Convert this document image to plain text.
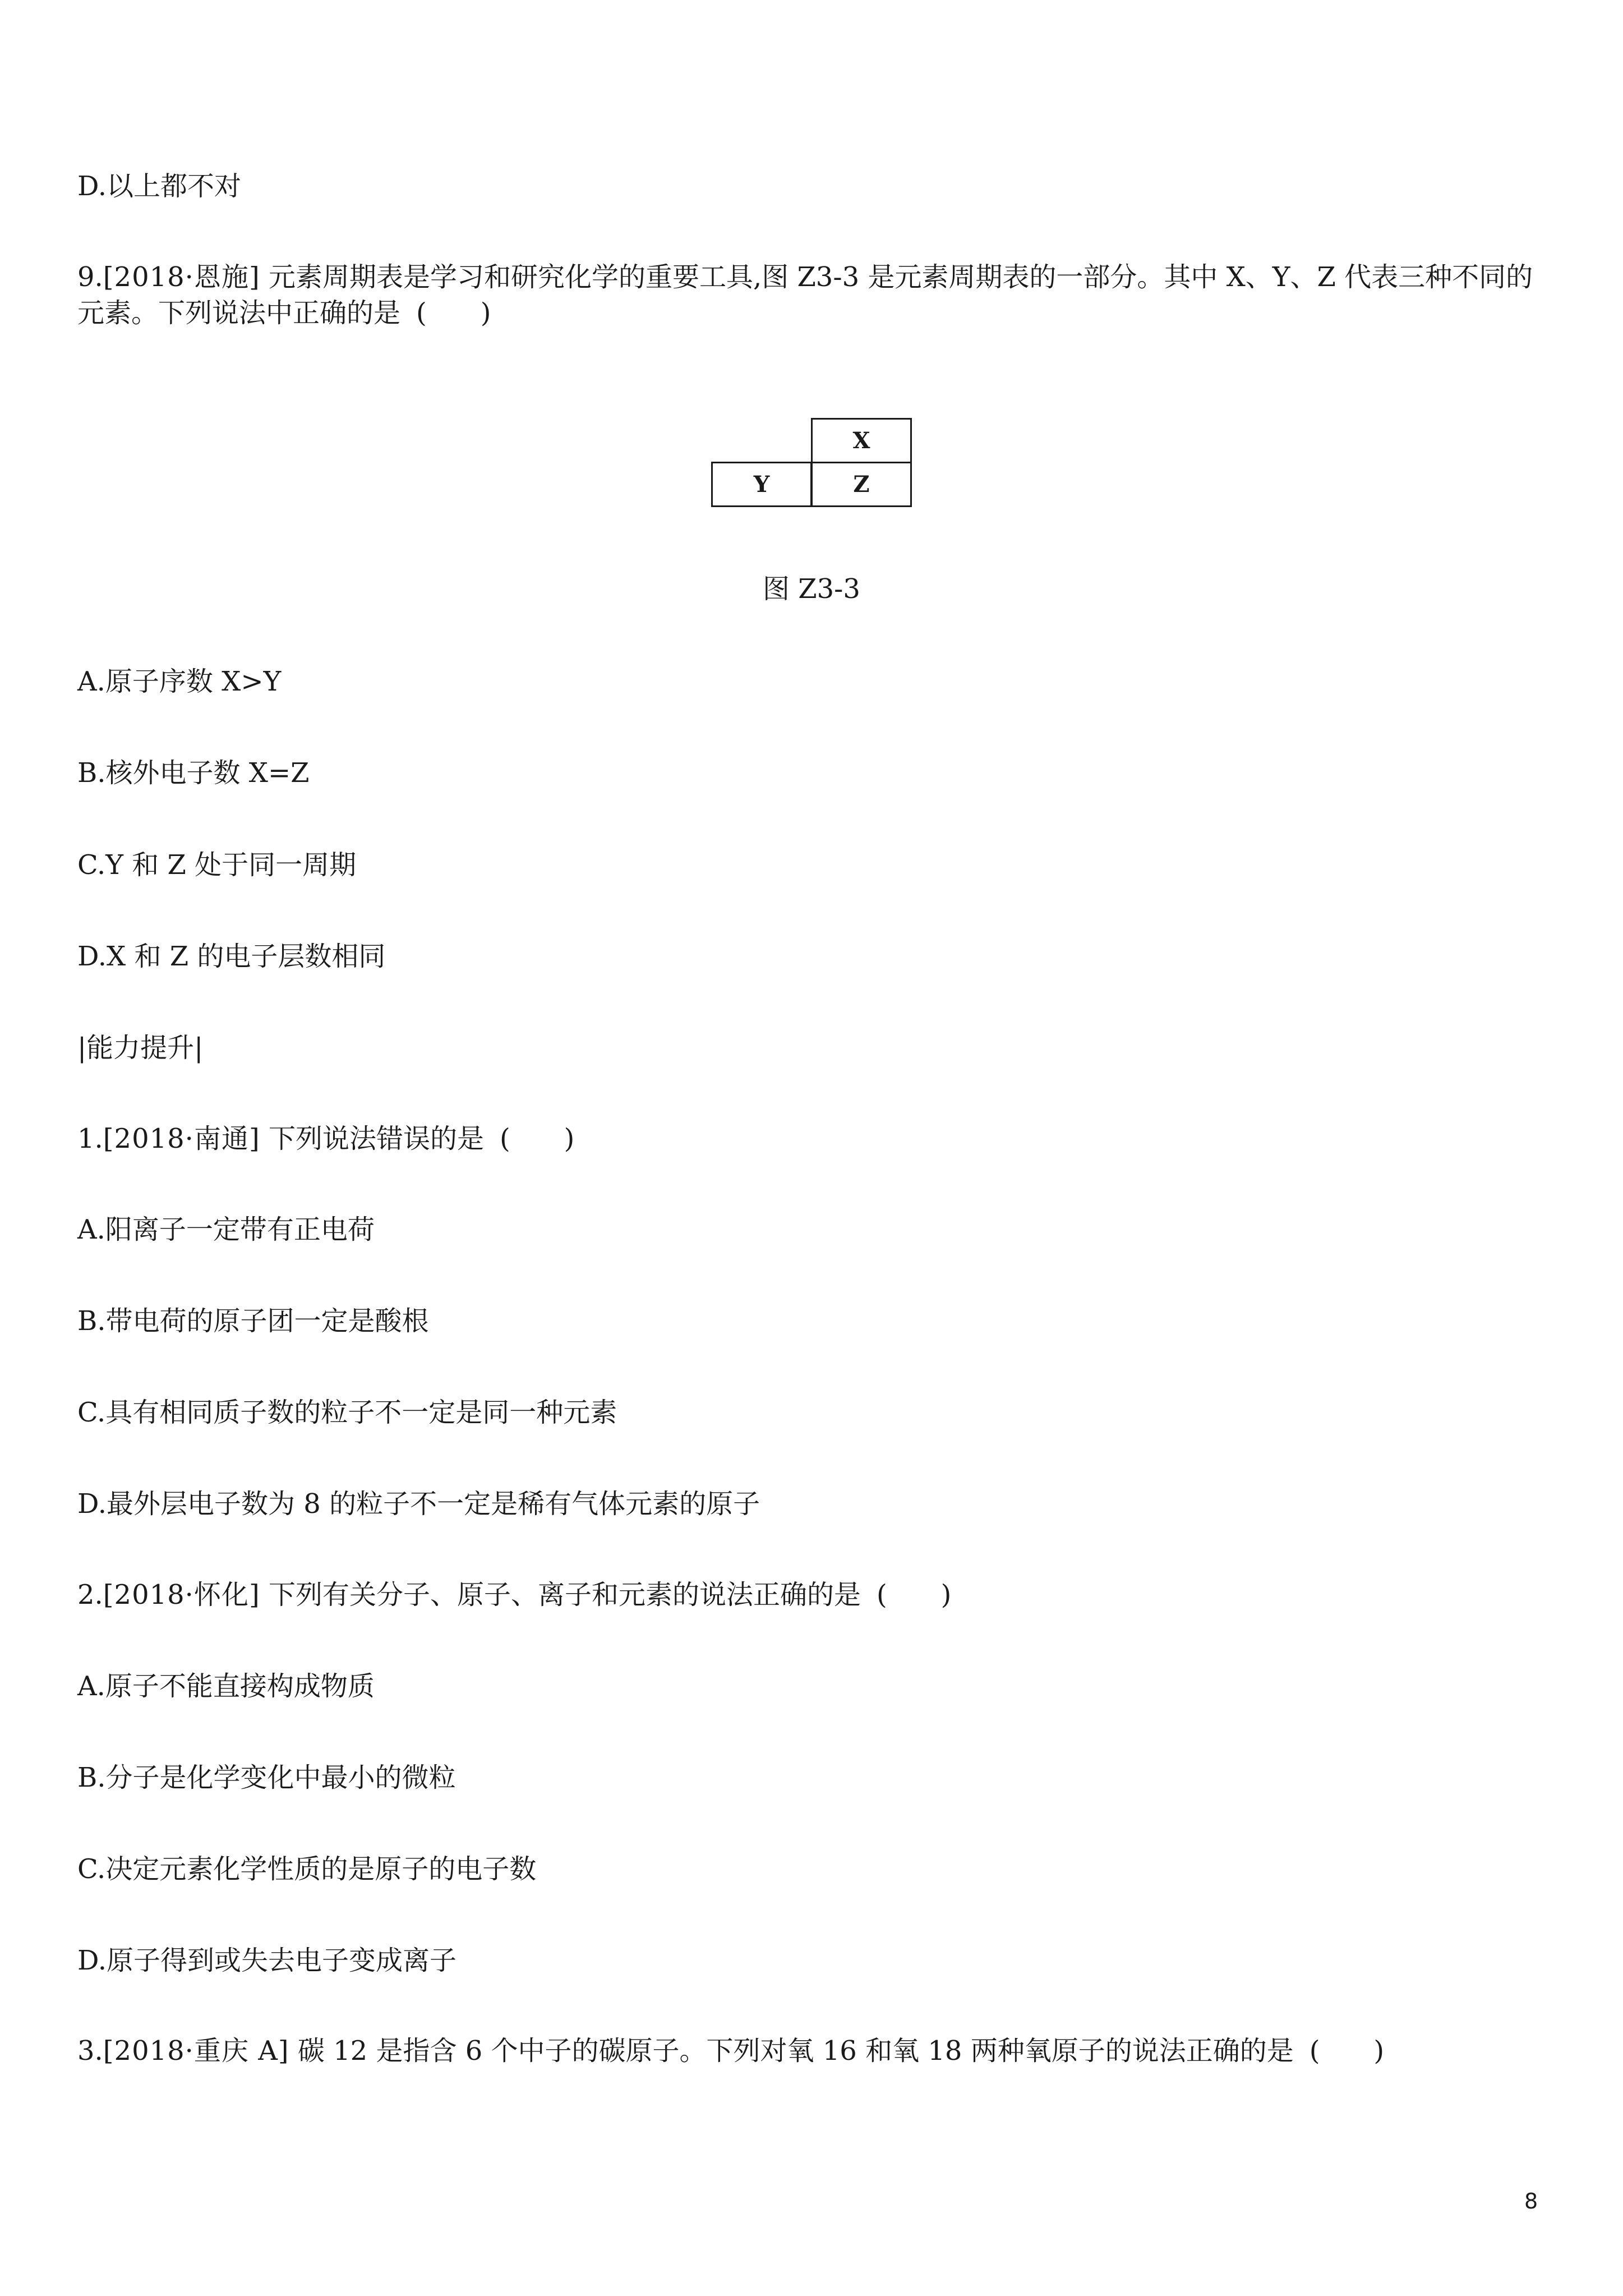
D.以上都不对
9.[2018·恩施] 元素周期表是学习和研究化学的重要工具,图 Z3-3 是元素周期表的一部分。其中 X、Y、Z 代表三种不同的元素。下列说法中正确的是 (　　)
X
Y	Z
图 Z3-3
A.原子序数 X>Y
B.核外电子数 X=Z
C.Y 和 Z 处于同一周期
D.X 和 Z 的电子层数相同
|能力提升|
1.[2018·南通] 下列说法错误的是 (　　)
A.阳离子一定带有正电荷
B.带电荷的原子团一定是酸根
C.具有相同质子数的粒子不一定是同一种元素
D.最外层电子数为 8 的粒子不一定是稀有气体元素的原子
2.[2018·怀化] 下列有关分子、原子、离子和元素的说法正确的是 (　　)
A.原子不能直接构成物质
B.分子是化学变化中最小的微粒
C.决定元素化学性质的是原子的电子数
D.原子得到或失去电子变成离子
3.[2018·重庆 A] 碳 12 是指含 6 个中子的碳原子。下列对氧 16 和氧 18 两种氧原子的说法正确的是 (　　)
8
